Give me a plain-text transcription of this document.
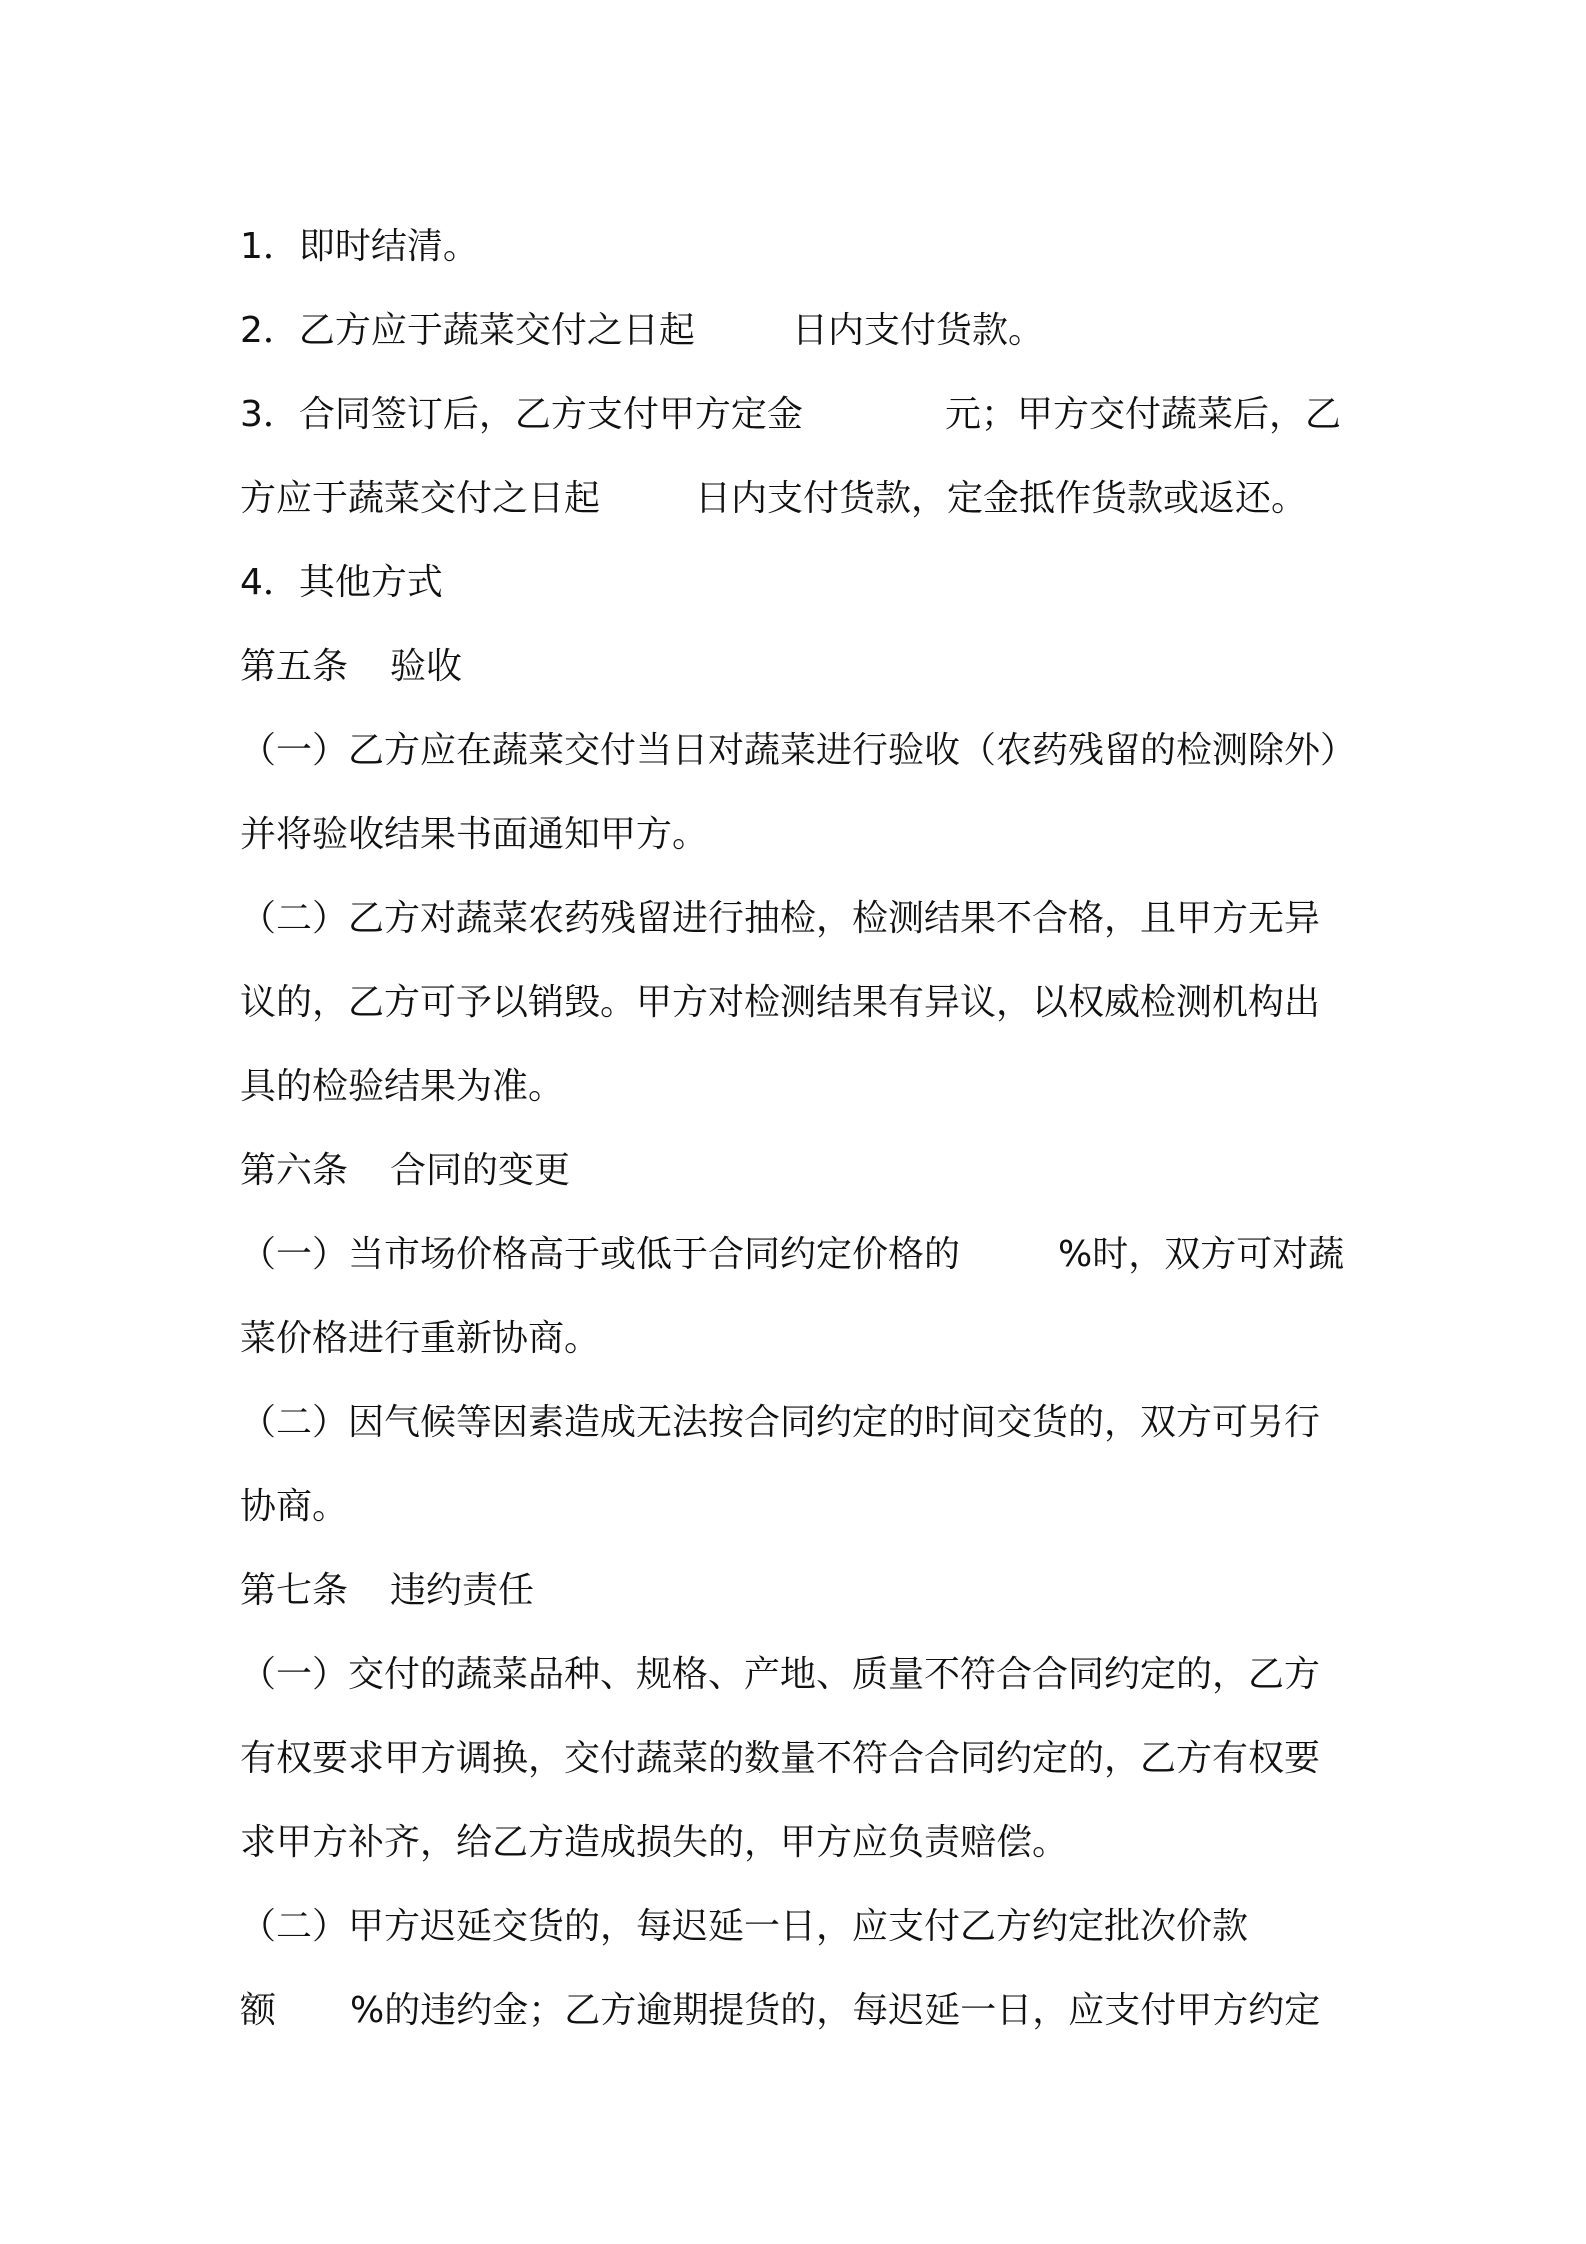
1．即时结清。
2．乙方应于蔬菜交付之日起	日内支付货款。
3．合同签订后，乙方支付甲方定金	元；甲方交付蔬菜后，乙
方应于蔬菜交付之日起	日内支付货款，定金抵作货款或返还。
4．其他方式
第五条 验收
（一）乙方应在蔬菜交付当日对蔬菜进行验收（农药残留的检测除外）
并将验收结果书面通知甲方。
（二）乙方对蔬菜农药残留进行抽检，检测结果不合格，且甲方无异
议的，乙方可予以销毁。甲方对检测结果有异议，以权威检测机构出
具的检验结果为准。
第六条 合同的变更
（一）当市场价格高于或低于合同约定价格的	%时，双方可对蔬
菜价格进行重新协商。
（二）因气候等因素造成无法按合同约定的时间交货的，双方可另行
协商。
第七条 违约责任
（一）交付的蔬菜品种、规格、产地、质量不符合合同约定的，乙方
有权要求甲方调换，交付蔬菜的数量不符合合同约定的，乙方有权要
求甲方补齐，给乙方造成损失的，甲方应负责赔偿。
（二）甲方迟延交货的，每迟延一日，应支付乙方约定批次价款
额 %的违约金；乙方逾期提货的，每迟延一日，应支付甲方约定
